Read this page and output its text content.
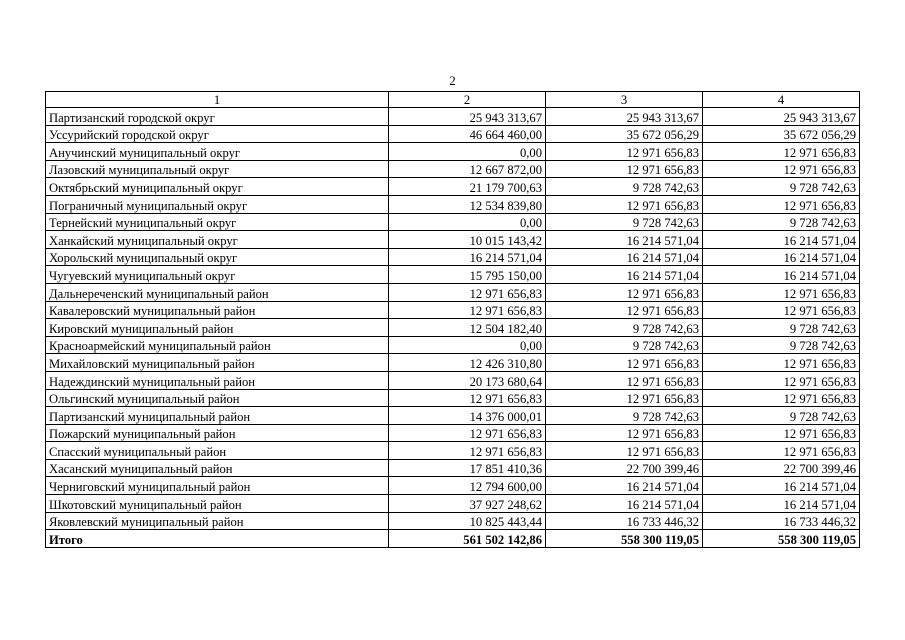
2
1	2	3	4
Партизанский городской округ	25 943 313,67	25 943 313,67	25 943 313,67
Уссурийский городской округ	46 664 460,00	35 672 056,29	35 672 056,29
Анучинский муниципальный округ	0,00	12 971 656,83	12 971 656,83
Лазовский муниципальный округ	12 667 872,00	12 971 656,83	12 971 656,83
Октябрьский муниципальный округ	21 179 700,63	9 728 742,63	9 728 742,63
Пограничный муниципальный округ	12 534 839,80	12 971 656,83	12 971 656,83
Тернейский муниципальный округ	0,00	9 728 742,63	9 728 742,63
Ханкайский муниципальный округ	10 015 143,42	16 214 571,04	16 214 571,04
Хорольский муниципальный округ	16 214 571,04	16 214 571,04	16 214 571,04
Чугуевский муниципальный округ	15 795 150,00	16 214 571,04	16 214 571,04
Дальнереченский муниципальный район	12 971 656,83	12 971 656,83	12 971 656,83
Кавалеровский муниципальный район	12 971 656,83	12 971 656,83	12 971 656,83
Кировский муниципальный район	12 504 182,40	9 728 742,63	9 728 742,63
Красноармейский муниципальный район	0,00	9 728 742,63	9 728 742,63
Михайловский муниципальный район	12 426 310,80	12 971 656,83	12 971 656,83
Надеждинский муниципальный район	20 173 680,64	12 971 656,83	12 971 656,83
Ольгинский муниципальный район	12 971 656,83	12 971 656,83	12 971 656,83
Партизанский муниципальный район	14 376 000,01	9 728 742,63	9 728 742,63
Пожарский муниципальный район	12 971 656,83	12 971 656,83	12 971 656,83
Спасский муниципальный район	12 971 656,83	12 971 656,83	12 971 656,83
Хасанский муниципальный район	17 851 410,36	22 700 399,46	22 700 399,46
Черниговский муниципальный район	12 794 600,00	16 214 571,04	16 214 571,04
Шкотовский муниципальный район	37 927 248,62	16 214 571,04	16 214 571,04
Яковлевский муниципальный район	10 825 443,44	16 733 446,32	16 733 446,32
Итого	561 502 142,86	558 300 119,05	558 300 119,05
